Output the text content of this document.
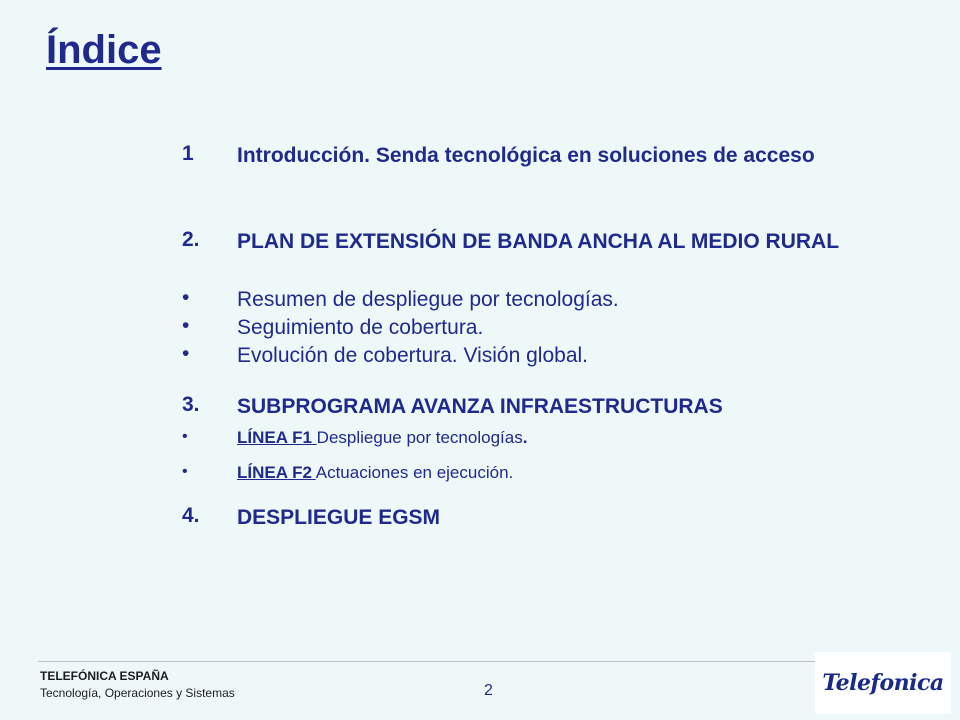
Índice
1 Introducción. Senda tecnológica en soluciones de acceso
2. PLAN DE EXTENSIÓN DE BANDA ANCHA AL MEDIO RURAL
• Resumen de despliegue por tecnologías.
• Seguimiento de cobertura.
• Evolución de cobertura. Visión global.
3. SUBPROGRAMA AVANZA INFRAESTRUCTURAS
•	LÍNEA F1 Despliegue por tecnologías.
•	LÍNEA F2 Actuaciones en ejecución.
4. DESPLIEGUE EGSM
TELEFÓNICA ESPAÑA
Tecnología, Operaciones y Sistemas	2	Telefonica
